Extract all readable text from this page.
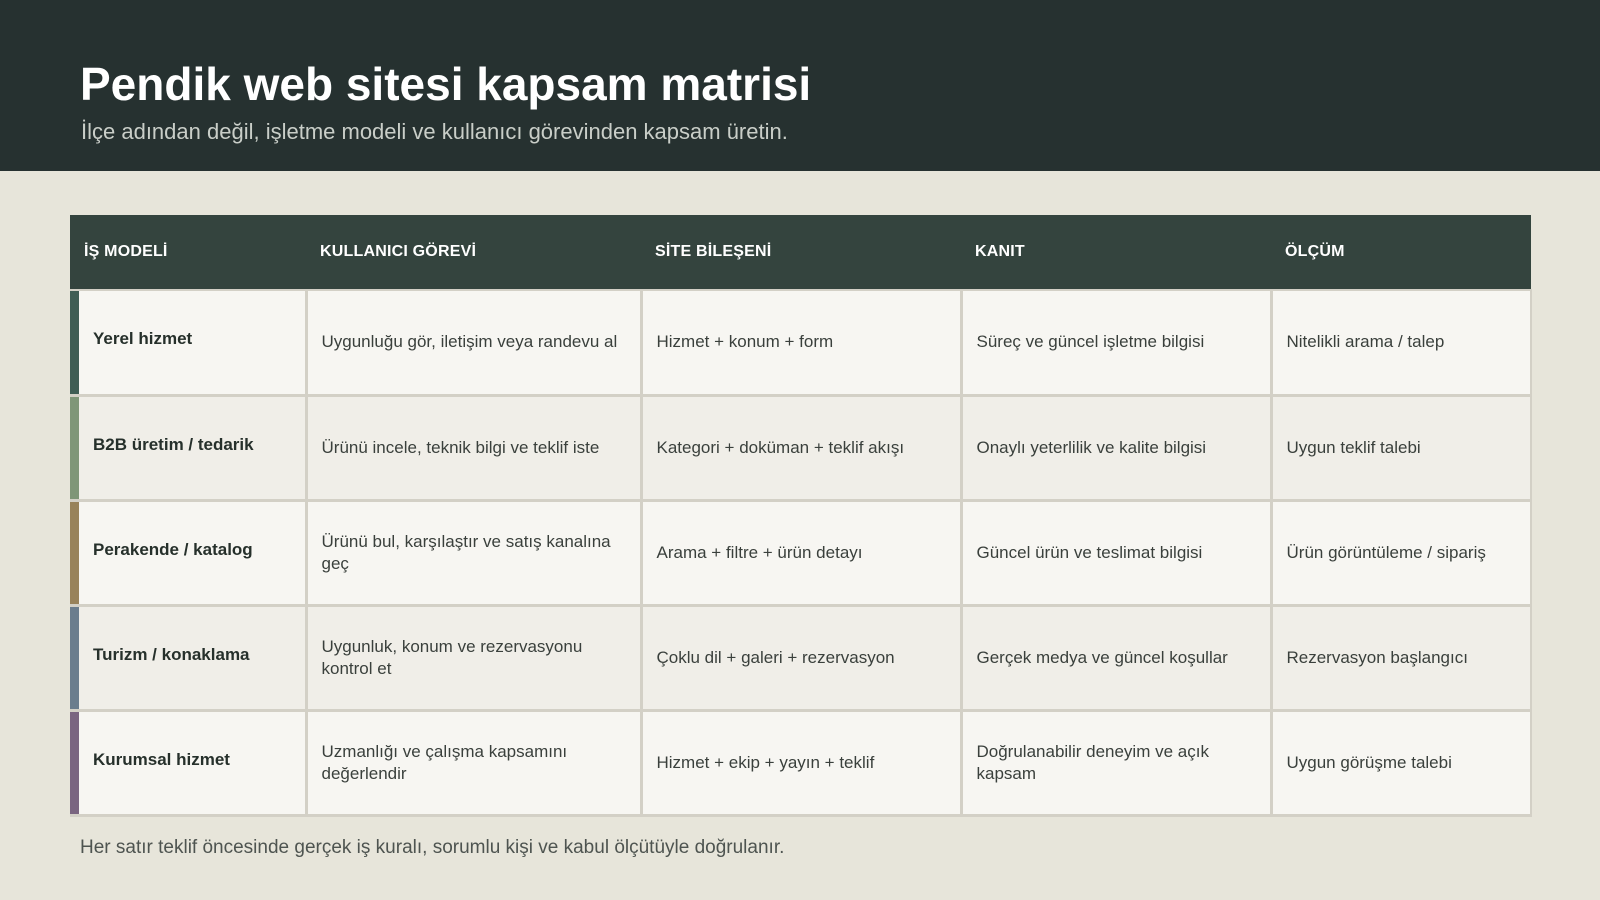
Pendik web sitesi kapsam matrisi

İlçe adından değil, işletme modeli ve kullanıcı görevinden kapsam üretin.

İŞ MODELİ	KULLANICI GÖREVİ	SİTE BİLEŞENİ	KANIT	ÖLÇÜM
Yerel hizmet	Uygunluğu gör, iletişim veya randevu al	Hizmet + konum + form	Süreç ve güncel işletme bilgisi	Nitelikli arama / talep
B2B üretim / tedarik	Ürünü incele, teknik bilgi ve teklif iste	Kategori + doküman + teklif akışı	Onaylı yeterlilik ve kalite bilgisi	Uygun teklif talebi
Perakende / katalog	Ürünü bul, karşılaştır ve satış kanalına geç	Arama + filtre + ürün detayı	Güncel ürün ve teslimat bilgisi	Ürün görüntüleme / sipariş
Turizm / konaklama	Uygunluk, konum ve rezervasyonu kontrol et	Çoklu dil + galeri + rezervasyon	Gerçek medya ve güncel koşullar	Rezervasyon başlangıcı
Kurumsal hizmet	Uzmanlığı ve çalışma kapsamını değerlendir	Hizmet + ekip + yayın + teklif	Doğrulanabilir deneyim ve açık kapsam	Uygun görüşme talebi

Her satır teklif öncesinde gerçek iş kuralı, sorumlu kişi ve kabul ölçütüyle doğrulanır.
